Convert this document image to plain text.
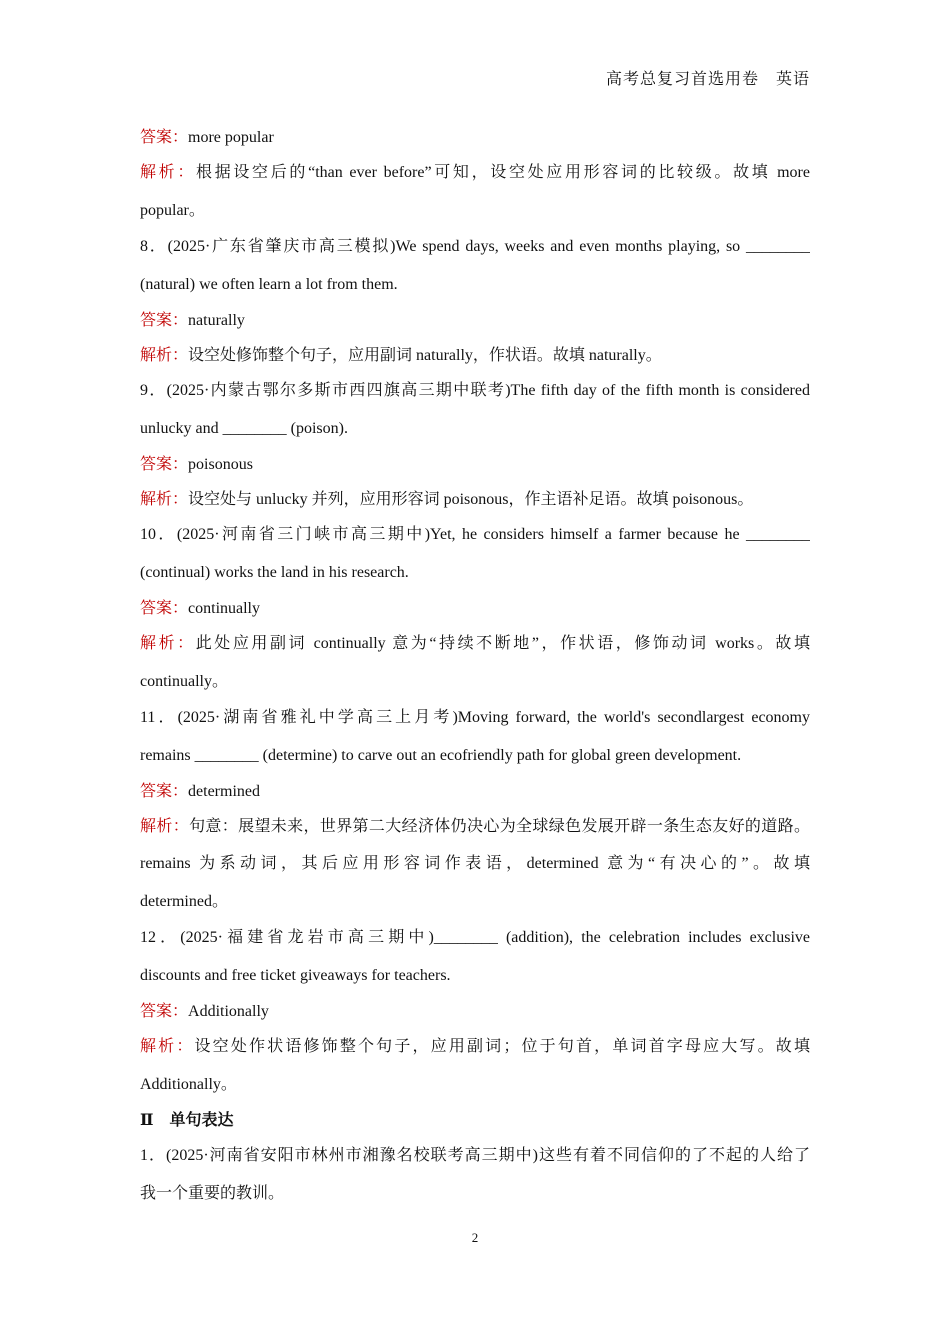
高考总复习首选用卷　英语
答案：more popular
解析：根据设空后的“than ever before”可知，设空处应用形容词的比较级。故填 more
popular。
8．(2025·广东省肇庆市高三模拟)We spend days, weeks and even months playing, so ________
(natural) we often learn a lot from them.
答案：naturally
解析：设空处修饰整个句子，应用副词 naturally，作状语。故填 naturally。
9．(2025·内蒙古鄂尔多斯市西四旗高三期中联考)The fifth day of the fifth month is considered
unlucky and ________ (poison).
答案：poisonous
解析：设空处与 unlucky 并列，应用形容词 poisonous，作主语补足语。故填 poisonous。
10．(2025·河南省三门峡市高三期中)Yet, he considers himself a farmer because he ________
(continual) works the land in his research.
答案：continually
解析：此处应用副词 continually 意为“持续不断地”，作状语，修饰动词 works。故填
continually。
11．(2025·湖南省雅礼中学高三上月考)Moving forward, the world's secondlargest economy
remains ________ (determine) to carve out an ecofriendly path for global green development.
答案：determined
解析：句意：展望未来，世界第二大经济体仍决心为全球绿色发展开辟一条生态友好的道路。
remains 为系动词，其后应用形容词作表语，determined 意为“有决心的”。故填
determined。
12．(2025·福建省龙岩市高三期中)________ (addition), the celebration includes exclusive
discounts and free ticket giveaways for teachers.
答案：Additionally
解析：设空处作状语修饰整个句子，应用副词；位于句首，单词首字母应大写。故填
Additionally。
Ⅱ　单句表达
1．(2025·河南省安阳市林州市湘豫名校联考高三期中)这些有着不同信仰的了不起的人给了
我一个重要的教训。
2
